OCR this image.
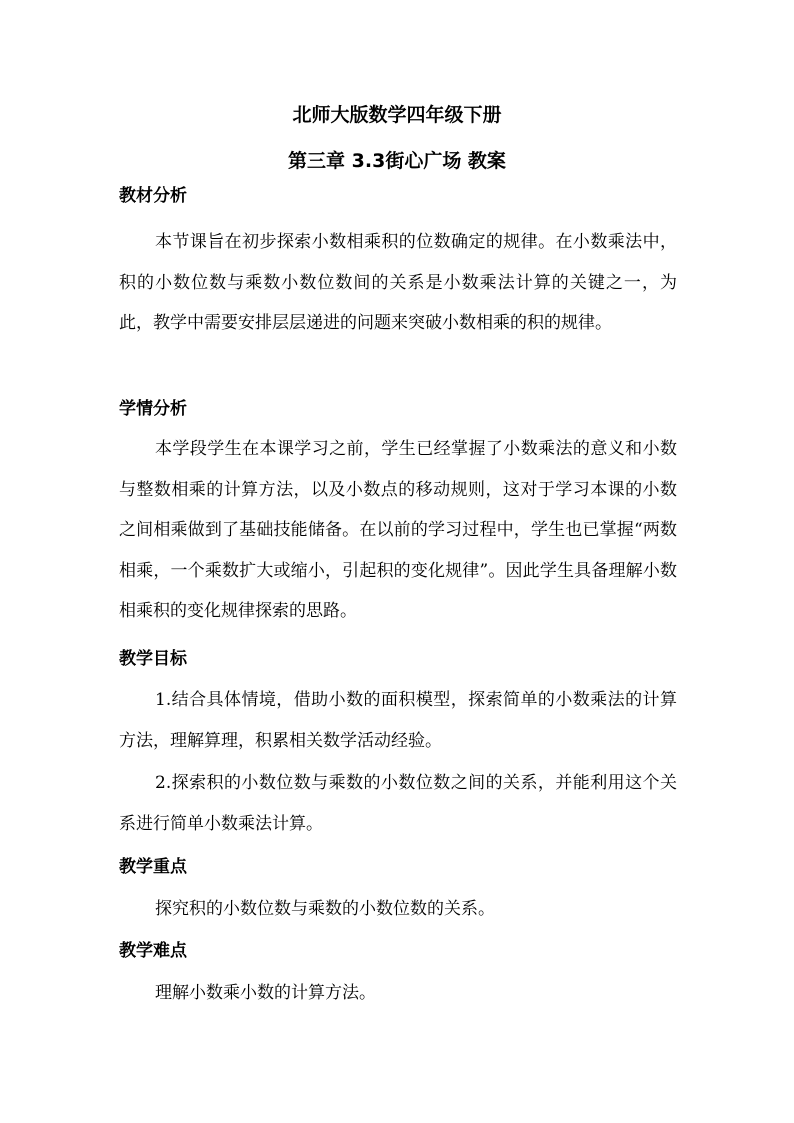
北师大版数学四年级下册
第三章 3.3街心广场 教案
教材分析
本节课旨在初步探索小数相乘积的位数确定的规律。在小数乘法中，积的小数位数与乘数小数位数间的关系是小数乘法计算的关键之一，为此，教学中需要安排层层递进的问题来突破小数相乘的积的规律。
学情分析
本学段学生在本课学习之前，学生已经掌握了小数乘法的意义和小数与整数相乘的计算方法，以及小数点的移动规则，这对于学习本课的小数之间相乘做到了基础技能储备。在以前的学习过程中，学生也已掌握“两数相乘，一个乘数扩大或缩小，引起积的变化规律”。因此学生具备理解小数相乘积的变化规律探索的思路。
教学目标
1.结合具体情境，借助小数的面积模型，探索简单的小数乘法的计算方法，理解算理，积累相关数学活动经验。
2.探索积的小数位数与乘数的小数位数之间的关系，并能利用这个关系进行简单小数乘法计算。
教学重点
探究积的小数位数与乘数的小数位数的关系。
教学难点
理解小数乘小数的计算方法。
